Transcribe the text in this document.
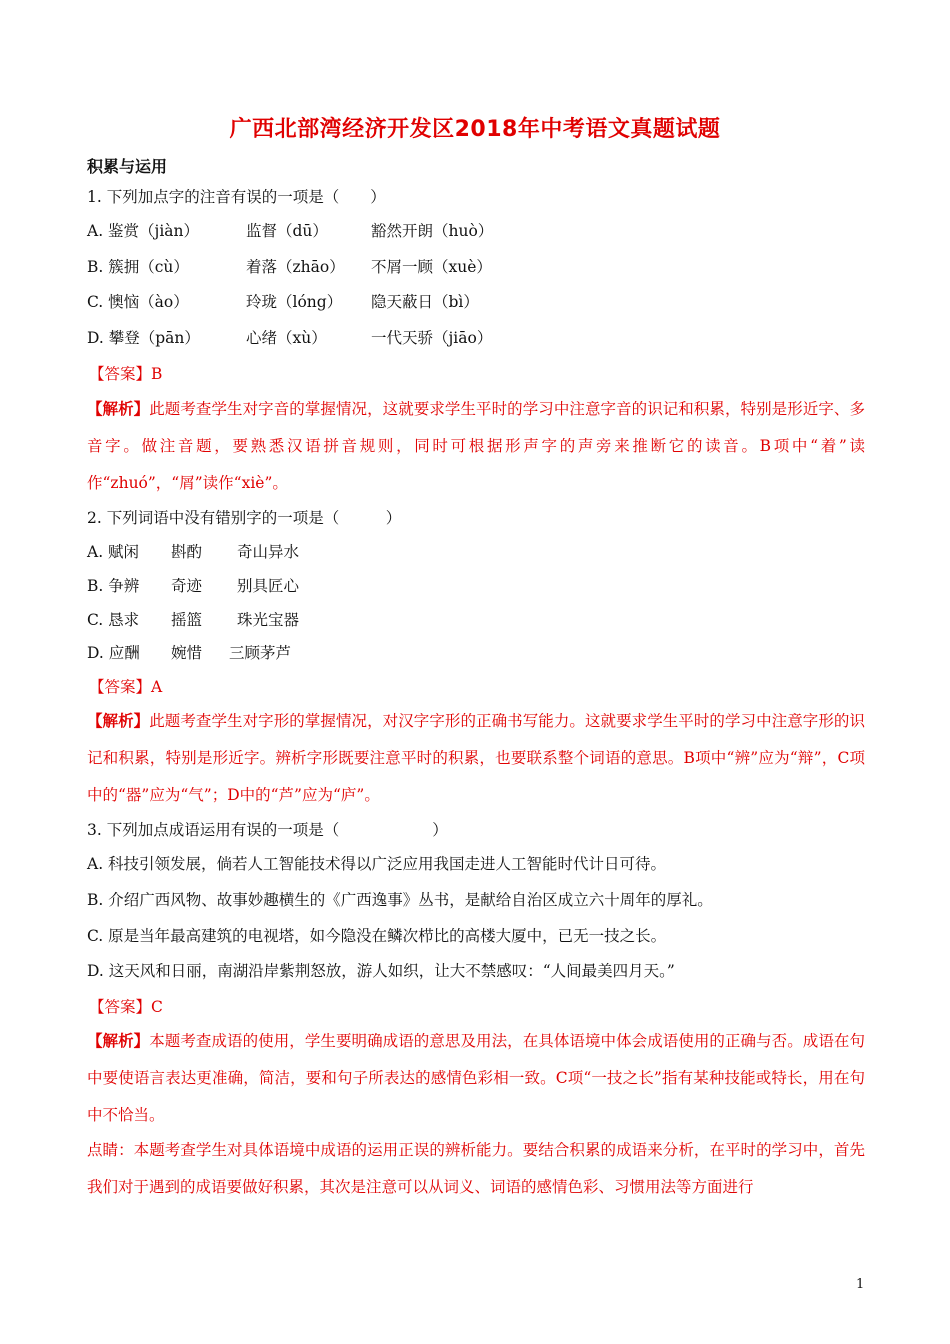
广西北部湾经济开发区2018年中考语文真题试题
积累与运用
1. 下列加点字的注音有误的一项是（　　）
A. 鉴赏（jiàn）	监督（dū）	豁然开朗（huò）
B. 簇拥（cù）	着落（zhāo） 不屑一顾（xuè）
C. 懊恼（ào）	玲珑（lóng） 隐天蔽日（bì）
D. 攀登（pān）	心绪（xù）	一代天骄（jiāo）
【答案】B
【解析】此题考查学生对字音的掌握情况，这就要求学生平时的学习中注意字音的识记和积累，特别是形近字、多音字。做注音题，要熟悉汉语拼音规则，同时可根据形声字的声旁来推断它的读音。B项中“着”读作“zhuó”，“屑”读作“xiè”。
2. 下列词语中没有错别字的一项是（　　　）
A. 赋闲 斟酌 奇山异水
B. 争辨 奇迹 别具匠心
C. 恳求 摇篮 珠光宝器
D. 应酬 婉惜 三顾茅芦
【答案】A
【解析】此题考查学生对字形的掌握情况，对汉字字形的正确书写能力。这就要求学生平时的学习中注意字形的识记和积累，特别是形近字。辨析字形既要注意平时的积累，也要联系整个词语的意思。B项中“辨”应为“辩”，C项中的“器”应为“气”；D中的“芦”应为“庐”。
3. 下列加点成语运用有误的一项是（　　　　　　）
A. 科技引领发展，倘若人工智能技术得以广泛应用我国走进人工智能时代计日可待。
B. 介绍广西风物、故事妙趣横生的《广西逸事》丛书，是献给自治区成立六十周年的厚礼。
C. 原是当年最高建筑的电视塔，如今隐没在鳞次栉比的高楼大厦中，已无一技之长。
D. 这天风和日丽，南湖沿岸紫荆怒放，游人如织，让大不禁感叹：“人间最美四月天。”
【答案】C
【解析】本题考查成语的使用，学生要明确成语的意思及用法，在具体语境中体会成语使用的正确与否。成语在句中要使语言表达更准确，简洁，要和句子所表达的感情色彩相一致。C项“一技之长”指有某种技能或特长，用在句中不恰当。
点睛：本题考查学生对具体语境中成语的运用正误的辨析能力。要结合积累的成语来分析，在平时的学习中，首先我们对于遇到的成语要做好积累，其次是注意可以从词义、词语的感情色彩、习惯用法等方面进行
1
